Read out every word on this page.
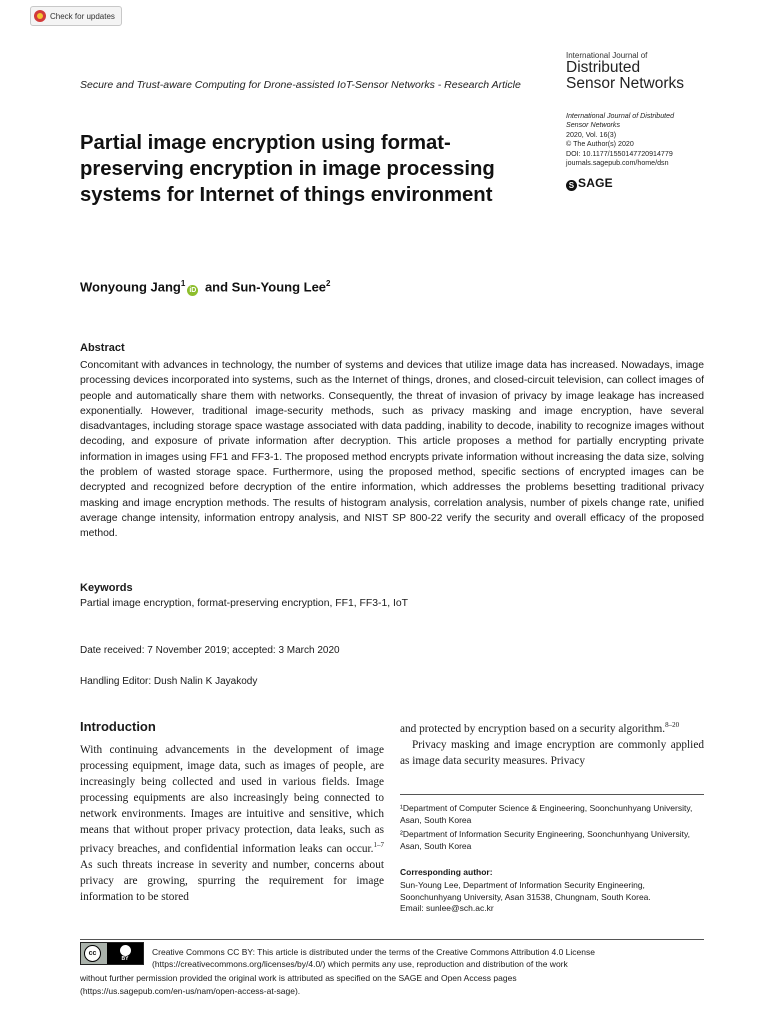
Check for updates
Secure and Trust-aware Computing for Drone-assisted IoT-Sensor Networks - Research Article
International Journal of
Distributed
Sensor Networks
International Journal of Distributed
Sensor Networks
2020, Vol. 16(3)
© The Author(s) 2020
DOI: 10.1177/1550147720914779
journals.sagepub.com/home/dsn
S SAGE
Partial image encryption using format-preserving encryption in image processing systems for Internet of things environment
Wonyoung Jang$^1$iD and Sun-Young Lee$^2$
Abstract
Concomitant with advances in technology, the number of systems and devices that utilize image data has increased. Nowadays, image processing devices incorporated into systems, such as the Internet of things, drones, and closed-circuit television, can collect images of people and automatically share them with networks. Consequently, the threat of invasion of privacy by image leakage has increased exponentially. However, traditional image-security methods, such as privacy masking and image encryption, have several disadvantages, including storage space wastage associated with data padding, inability to decode, inability to recognize images without decoding, and exposure of private information after decryption. This article proposes a method for partially encrypting private information in images using FF1 and FF3-1. The proposed method encrypts private information without increasing the data size, solving the problem of wasted storage space. Furthermore, using the proposed method, specific sections of encrypted images can be decrypted and recognized before decryption of the entire information, which addresses the problems besetting traditional privacy masking and image encryption methods. The results of histogram analysis, correlation analysis, number of pixels change rate, unified average change intensity, information entropy analysis, and NIST SP 800-22 verify the security and overall efficacy of the proposed method.
Keywords
Partial image encryption, format-preserving encryption, FF1, FF3-1, IoT
Date received: 7 November 2019; accepted: 3 March 2020
Handling Editor: Dush Nalin K Jayakody
Introduction
With continuing advancements in the development of image processing equipment, image data, such as images of people, are increasingly being collected and used in various fields. Image processing equipments are also increasingly being connected to network environments. Images are intuitive and sensitive, which means that without proper privacy protection, data leaks, such as privacy breaches, and confidential information leaks can occur.$^{1-7}$ As such threats increase in severity and number, concerns about privacy are growing, spurring the requirement for image information to be stored

and protected by encryption based on a security algorithm.$^{8-20}$

Privacy masking and image encryption are commonly applied as image data security measures. Privacy

¹Department of Computer Science & Engineering, Soonchunhyang University, Asan, South Korea
²Department of Information Security Engineering, Soonchunhyang University, Asan, South Korea
Corresponding author:
Sun-Young Lee, Department of Information Security Engineering,
Soonchunhyang University, Asan 31538, Chungnam, South Korea.
Email: sunlee@sch.ac.kr
cc
BY
Creative Commons CC BY: This article is distributed under the terms of the Creative Commons Attribution 4.0 License
(https://creativecommons.org/licenses/by/4.0/) which permits any use, reproduction and distribution of the work
without further permission provided the original work is attributed as specified on the SAGE and Open Access pages
(https://us.sagepub.com/en-us/nam/open-access-at-sage).
